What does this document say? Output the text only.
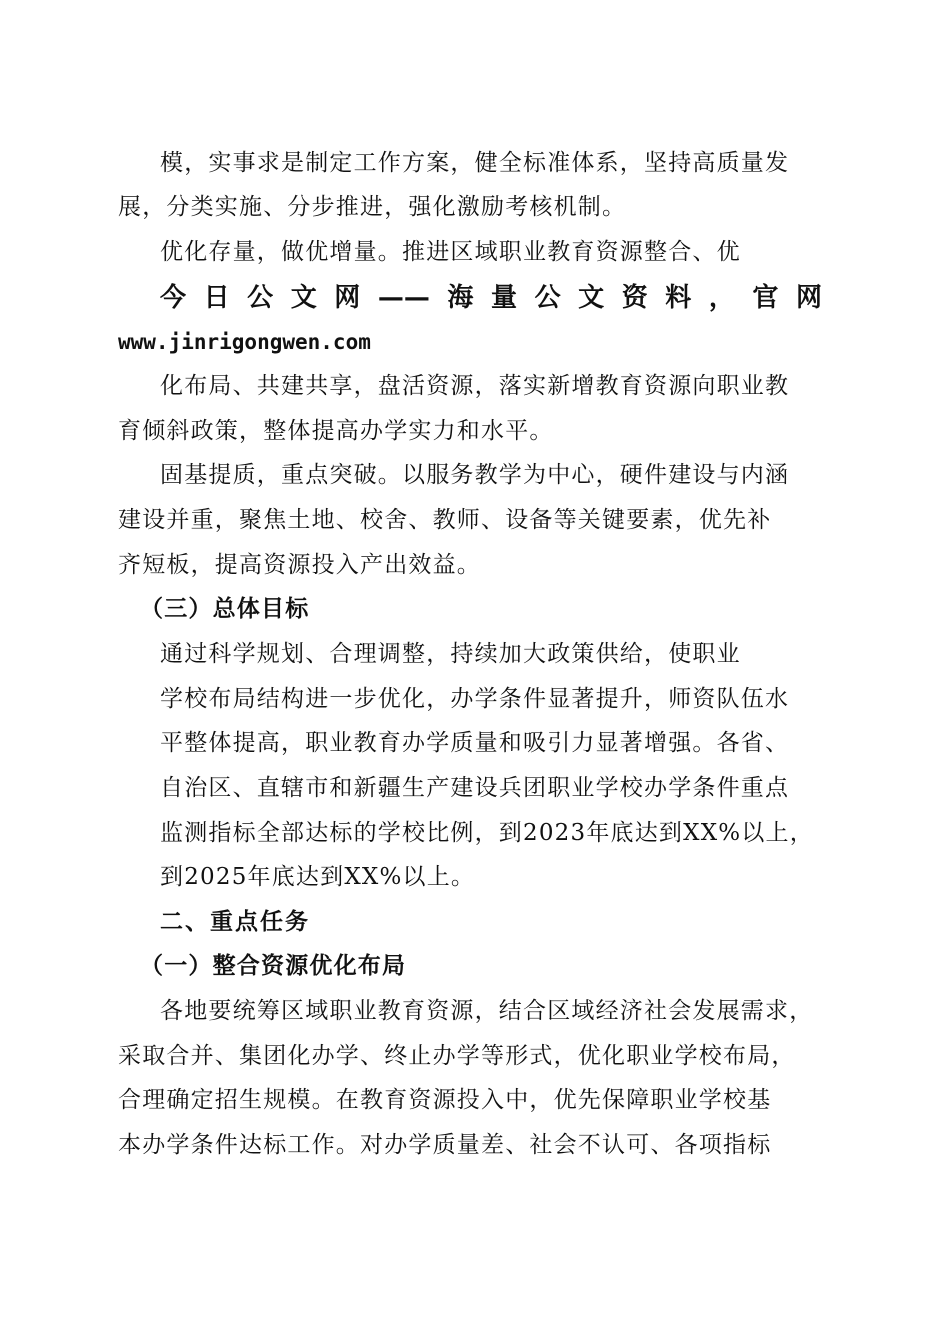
模，实事求是制定工作方案，健全标准体系，坚持高质量发
展，分类实施、分步推进，强化激励考核机制。
优化存量，做优增量。推进区域职业教育资源整合、优
今日公文网——海量公文资料，官网
www.jinrigongwen.com
化布局、共建共享，盘活资源，落实新增教育资源向职业教
育倾斜政策，整体提高办学实力和水平。
固基提质，重点突破。以服务教学为中心，硬件建设与内涵
建设并重，聚焦土地、校舍、教师、设备等关键要素，优先补
齐短板，提高资源投入产出效益。
（三）总体目标
通过科学规划、合理调整，持续加大政策供给，使职业
学校布局结构进一步优化，办学条件显著提升，师资队伍水
平整体提高，职业教育办学质量和吸引力显著增强。各省、
自治区、直辖市和新疆生产建设兵团职业学校办学条件重点
监测指标全部达标的学校比例，到2023年底达到XX%以上，
到2025年底达到XX%以上。
二、重点任务
（一）整合资源优化布局
各地要统筹区域职业教育资源，结合区域经济社会发展需求，
采取合并、集团化办学、终止办学等形式，优化职业学校布局，
合理确定招生规模。在教育资源投入中，优先保障职业学校基
本办学条件达标工作。对办学质量差、社会不认可、各项指标
